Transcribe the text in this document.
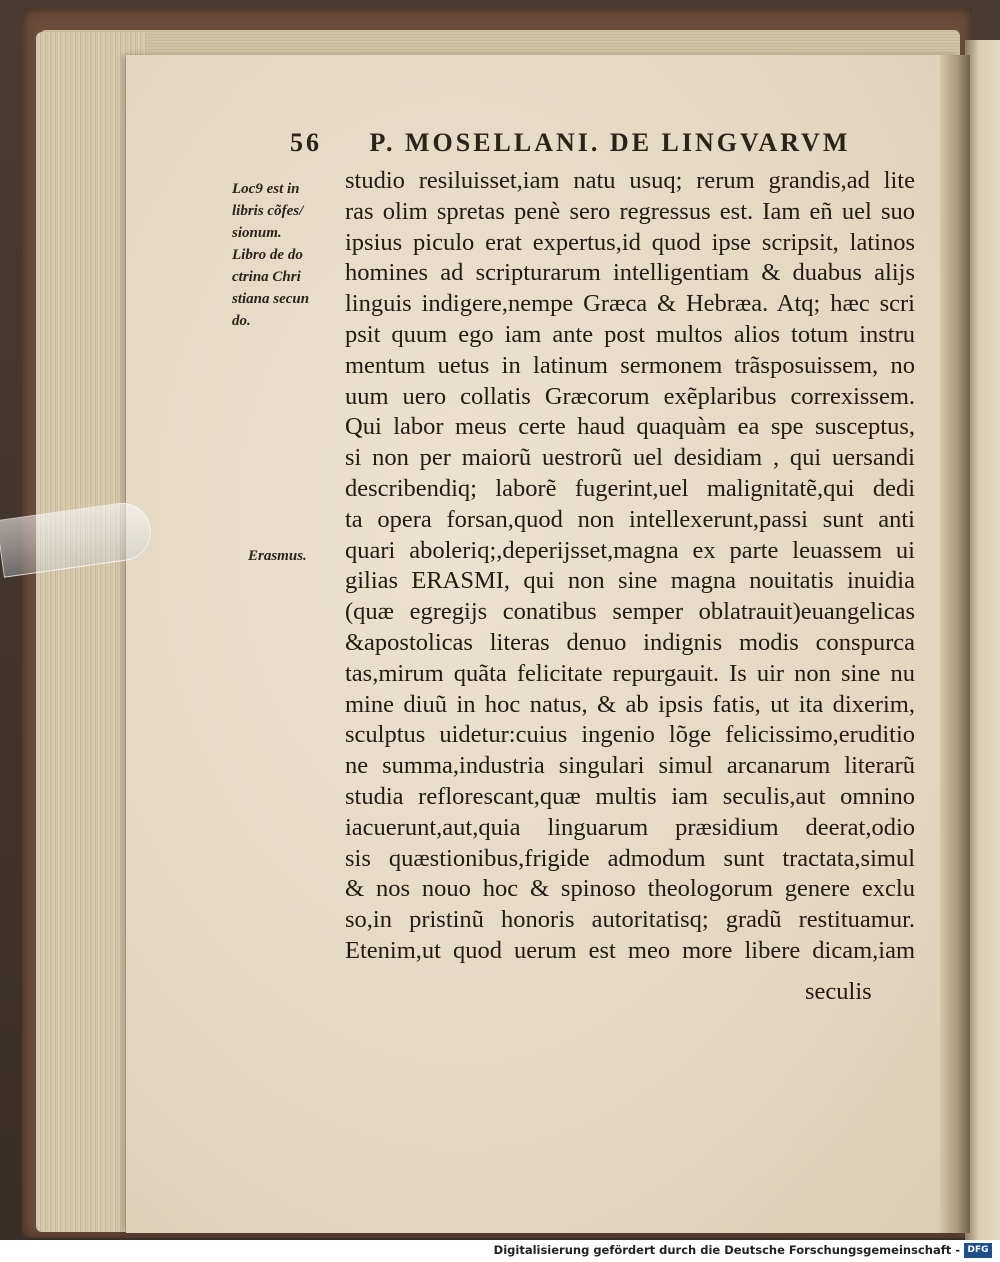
56 P. MOSELLANI. DE LINGVARVM
Loc9 est in
libris cõfes/
sionum.
Libro de do
ctrina Chri
stiana secun
do.
Erasmus.
studio resiluisset,iam natu usuq; rerum grandis,ad lite
ras olim spretas penè sero regressus est. Iam eñ uel suo
ipsius piculo erat expertus,id quod ipse scripsit, latinos
homines ad scripturarum intelligentiam & duabus alijs
linguis indigere,nempe Græca & Hebræa. Atq; hæc scri
psit quum ego iam ante post multos alios totum instru
mentum uetus in latinum sermonem trãsposuissem, no
uum uero collatis Græcorum exẽplaribus correxissem.
Qui labor meus certe haud quaquàm ea spe susceptus,
si non per maiorũ uestrorũ uel desidiam , qui uersandi
describendiq; laborẽ fugerint,uel malignitatẽ,qui dedi
ta opera forsan,quod non intellexerunt,passi sunt anti
quari aboleriq;,deperijsset,magna ex parte leuassem ui
gilias ERASMI, qui non sine magna nouitatis inuidia
(quæ egregijs conatibus semper oblatrauit)euangelicas
&apostolicas literas denuo indignis modis conspurca
tas,mirum quãta felicitate repurgauit. Is uir non sine nu
mine diuũ in hoc natus, & ab ipsis fatis, ut ita dixerim,
sculptus uidetur:cuius ingenio lõge felicissimo,eruditio
ne summa,industria singulari simul arcanarum literarũ
studia reflorescant,quæ multis iam seculis,aut omnino
iacuerunt,aut,quia linguarum præsidium deerat,odio
sis quæstionibus,frigide admodum sunt tractata,simul
& nos nouo hoc & spinoso theologorum genere exclu
so,in pristinũ honoris autoritatisq; gradũ restituamur.
Etenim,ut quod uerum est meo more libere dicam,iam
seculis
Digitalisierung gefördert durch die Deutsche Forschungsgemeinschaft - DFG
